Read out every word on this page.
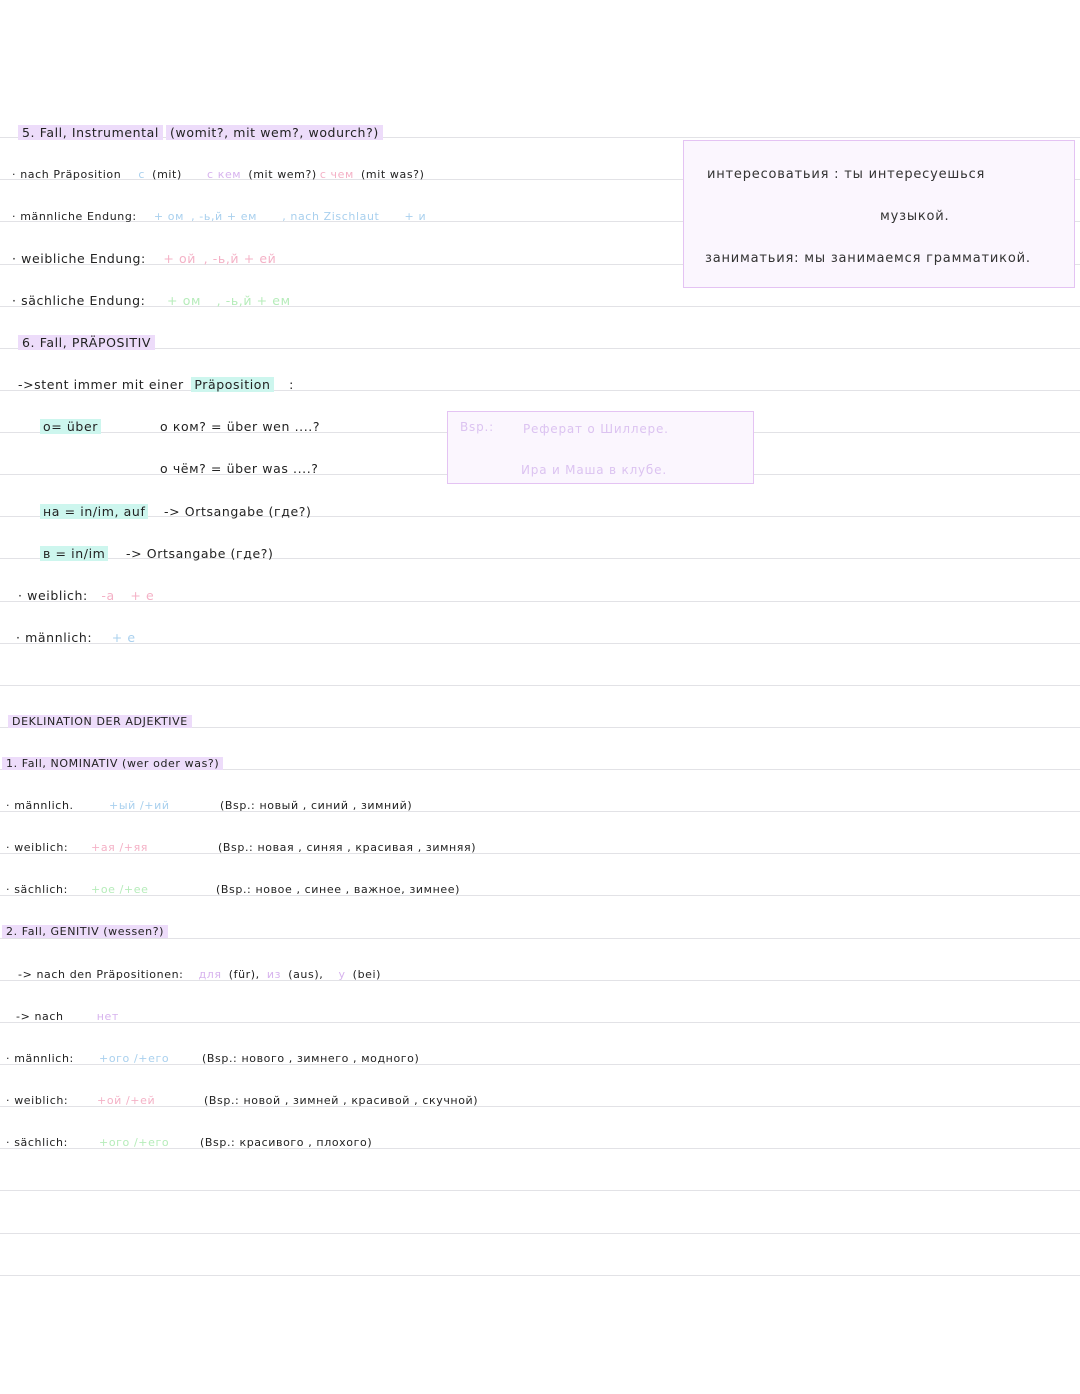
5. Fall, Instrumental (womit?, mit wem?, wodurch?)
· nach Präposition с (mit) с кем (mit wem?) с чем (mit was?)
· männliche Endung: + ом , -ь,й + ем , nach Zischlaut + и
· weibliche Endung: + ой , -ь,й + ей
· sächliche Endung: + ом , -ь,й + ем
интересоватьия : ты интересуешься
музыкой.
заниматьия: мы занимаемся грамматикой.
6. Fall, PRÄPOSITIV
->stent immer mit einer Präposition :
o= über	о ком? = über wen ....?
о чём? = über was ....?
Bsp.: Реферат о Шиллере.
Ира и Маша в клубе.
на = in/im, auf -> Ortsangabe (где?)
в = in/im -> Ortsangabe (где?)
· weiblich: -а + е
· männlich: + е
DEKLINATION DER ADJEKTIVE
1. Fall, NOMINATIV (wer oder was?)
· männlich.	+ый /+ий	(Bsp.: новый , синий , зимний)
· weiblich: +ая /+яя	(Bsp.: новая , синяя , красивая , зимняя)
· sächlich: +ое /+ее	(Bsp.: новое , синее , важное, зимнее)
2. Fall, GENITIV (wessen?)
-> nach den Präpositionen: для (für), из (aus), у (bei)
-> nach	нет
· männlich: +ого /+его	(Bsp.: нового , зимнего , модного)
· weiblich:	+ой /+ей	(Bsp.: новой , зимней , красивой , скучной)
· sächlich:	+ого /+его	(Bsp.: красивого , плохого)
